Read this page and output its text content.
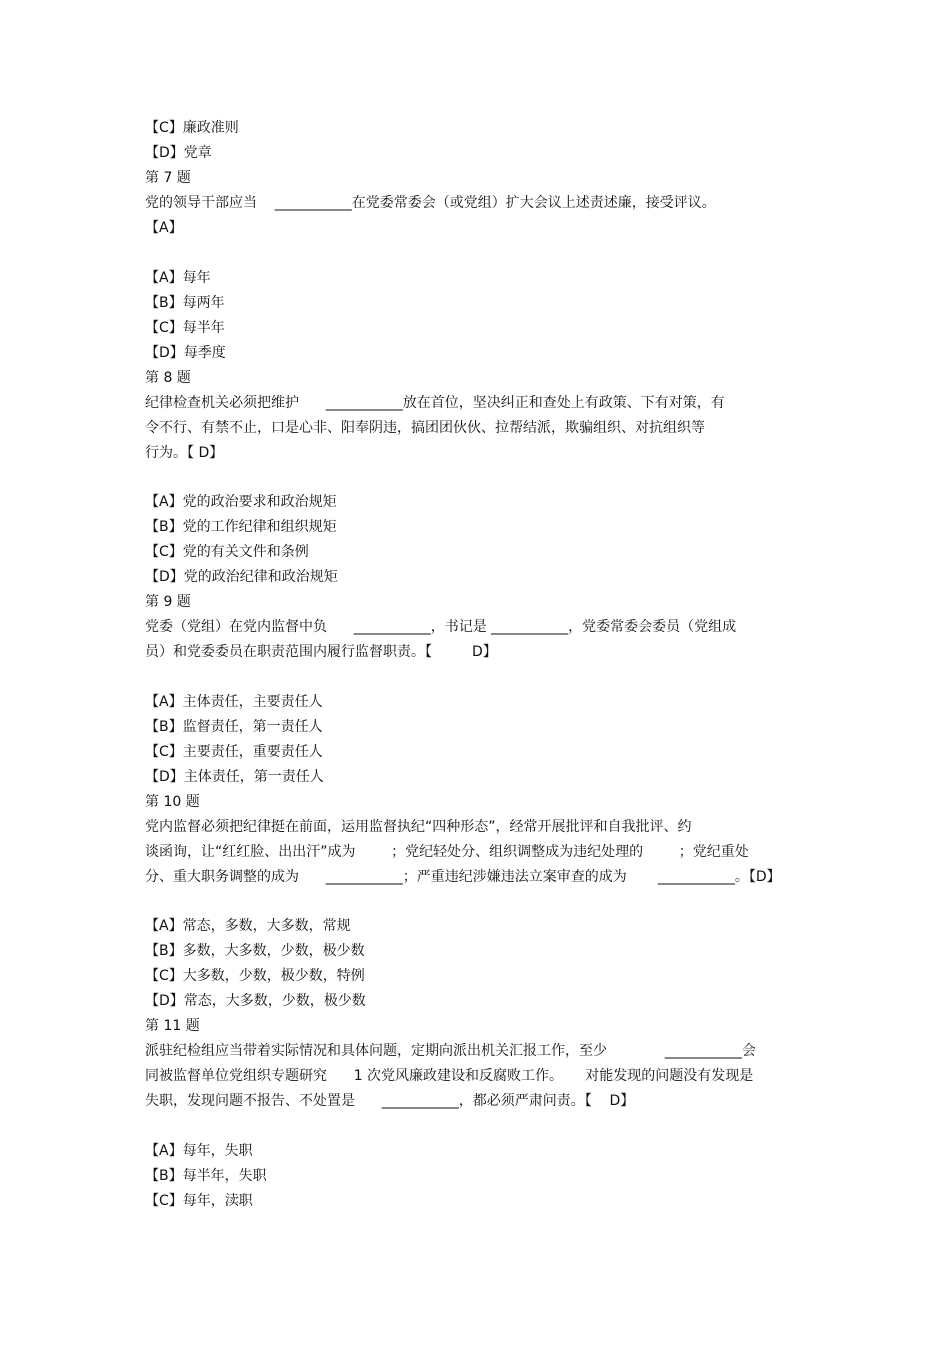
【C】廉政准则
【D】党章
第 7 题
党的领导干部应当    ___________在党委常委会（或党组）扩大会议上述责述廉，接受评议。
【A】
【A】每年
【B】每两年
【C】每半年
【D】每季度
第 8 题
纪律检查机关必须把维护      ___________放在首位，坚决纠正和查处上有政策、下有对策，有
令不行、有禁不止，口是心非、阳奉阴违，搞团团伙伙、拉帮结派，欺骗组织、对抗组织等
行为。【 D】
【A】党的政治要求和政治规矩
【B】党的工作纪律和组织规矩
【C】党的有关文件和条例
【D】党的政治纪律和政治规矩
第 9 题
党委（党组）在党内监督中负      ___________，书记是 ___________，党委常委会委员（党组成
员）和党委委员在职责范围内履行监督职责。【         D】
【A】主体责任，主要责任人
【B】监督责任，第一责任人
【C】主要责任，重要责任人
【D】主体责任，第一责任人
第 10 题
党内监督必须把纪律挺在前面，运用监督执纪“四种形态”，经常开展批评和自我批评、约
谈函询，让“红红脸、出出汗”成为        ；党纪轻处分、组织调整成为违纪处理的        ；党纪重处
分、重大职务调整的成为      ___________；严重违纪涉嫌违法立案审查的成为       ___________。【D】
【A】常态，多数，大多数，常规
【B】多数，大多数，少数，极少数
【C】大多数，少数，极少数，特例
【D】常态，大多数，少数，极少数
第 11 题
派驻纪检组应当带着实际情况和具体问题，定期向派出机关汇报工作，至少             ___________会
同被监督单位党组织专题研究      1 次党风廉政建设和反腐败工作。     对能发现的问题没有发现是
失职，发现问题不报告、不处置是      ___________，都必须严肃问责。【    D】
【A】每年，失职
【B】每半年，失职
【C】每年，渎职
